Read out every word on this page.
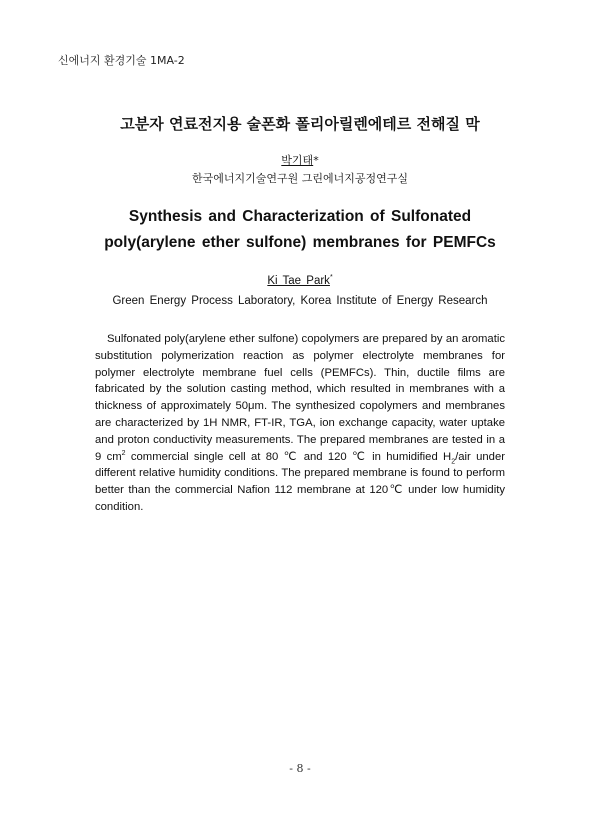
신에너지 환경기술 1MA-2
고분자 연료전지용 술폰화 폴리아릴렌에테르 전해질 막
박기태*
한국에너지기술연구원 그린에너지공정연구실
Synthesis and Characterization of Sulfonated
poly(arylene ether sulfone) membranes for PEMFCs
Ki Tae Park*
Green Energy Process Laboratory, Korea Institute of Energy Research

Sulfonated poly(arylene ether sulfone) copolymers are prepared by an aromatic substitution polymerization reaction as polymer electrolyte membranes for polymer electrolyte membrane fuel cells (PEMFCs). Thin, ductile films are fabricated by the solution casting method, which resulted in membranes with a thickness of approximately 50μm. The synthesized copolymers and membranes are characterized by 1H NMR, FT-IR, TGA, ion exchange capacity, water uptake and proton conductivity measurements. The prepared membranes are tested in a 9 $cm^2$ commercial single cell at 80 ℃ and 120 ℃ in humidified $H_2$/air under different relative humidity conditions. The prepared membrane is found to perform better than the commercial Nafion 112 membrane at 120℃ under low humidity condition.

- 8 -
